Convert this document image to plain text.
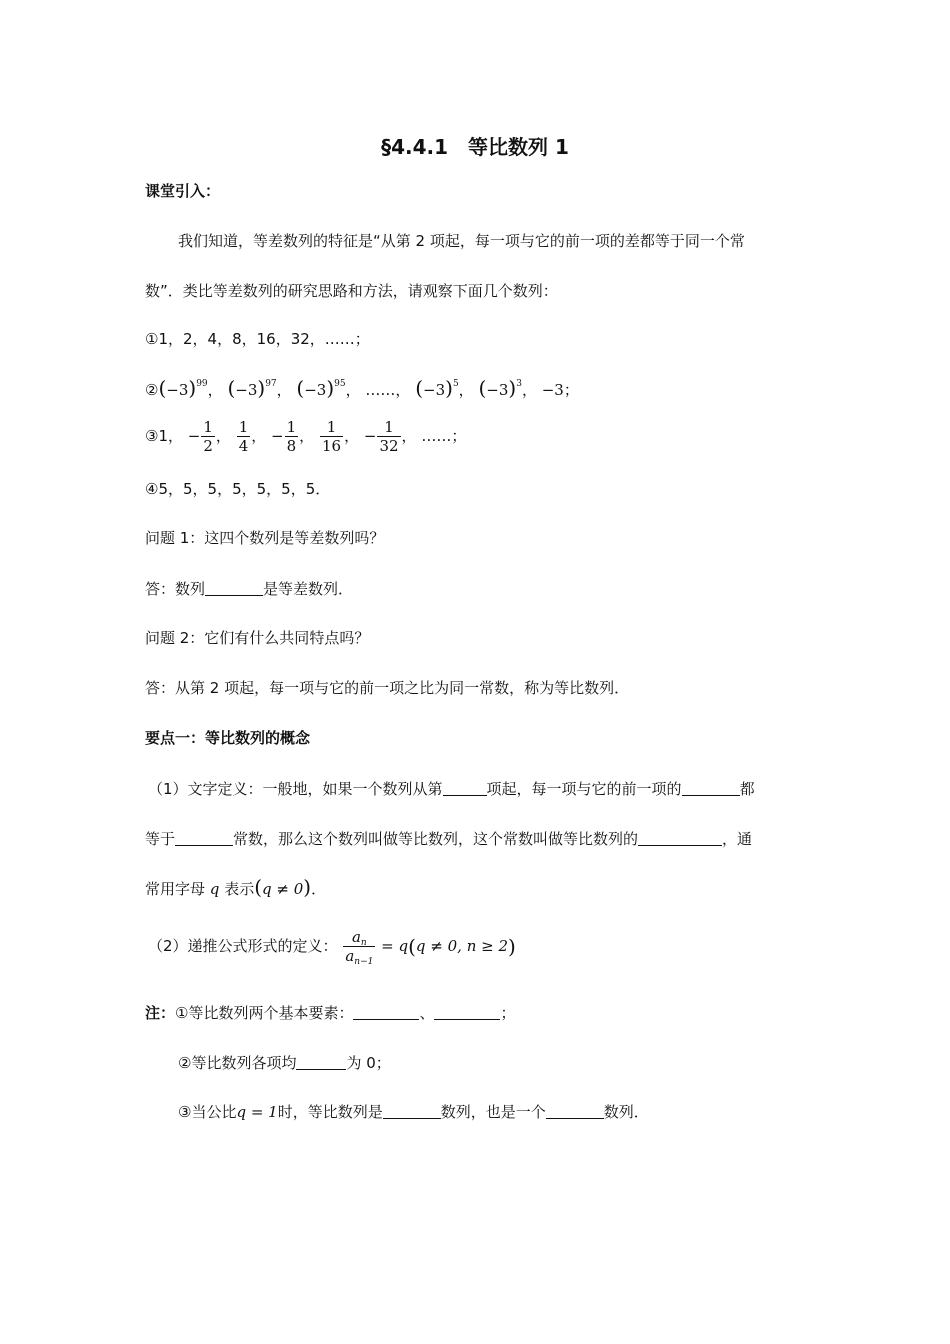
§4.4.1　等比数列 1
课堂引入：
我们知道，等差数列的特征是“从第 2 项起，每一项与它的前一项的差都等于同一个常
数”．类比等差数列的研究思路和方法，请观察下面几个数列：
①1，2，4，8，16，32，……；
$②(-3)^{99}$， $(-3)^{97}$， $(-3)^{95}$， ……， $(-3)^5$， $(-3)^3$， −3；
③1， − $\frac{1}{2}$ ， $\frac{1}{4}$ ， − $\frac{1}{8}$ ， $\frac{1}{16}$ ， − $\frac{1}{32}$ ， ……；
④5，5，5，5，5，5，5．
问题 1：这四个数列是等差数列吗？
答：数列	是等差数列．
问题 2：它们有什么共同特点吗？
答：从第 2 项起，每一项与它的前一项之比为同一常数，称为等比数列．
要点一：等比数列的概念
（1）文字定义：一般地，如果一个数列从第	项起，每一项与它的前一项的	都
等于	常数，那么这个数列叫做等比数列，这个常数叫做等比数列的	，通
常用字母 q 表示(q ≠ 0)．
（2）递推公式形式的定义： $\frac{a_n}{a_{n-1}} = q(q \ne 0$, n ≥ 2)
注：①等比数列两个基本要素：	、	；
②等比数列各项均	为 0；
③当公比q = 1时，等比数列是	数列，也是一个	数列．
